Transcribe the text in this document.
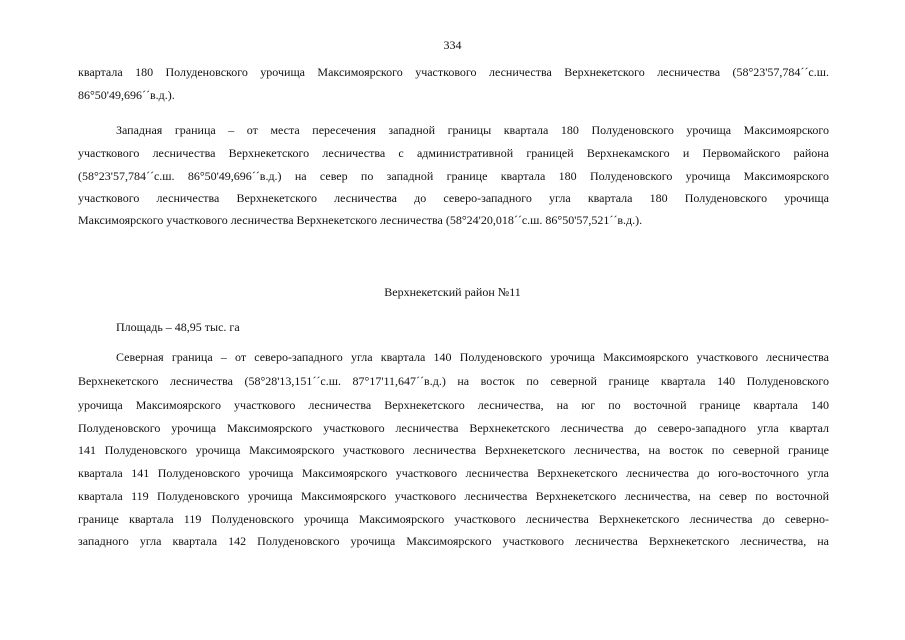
334
квартала 180 Полуденовского урочища Максимоярского участкового лесничества Верхнекетского лесничества (58°23'57,784´´с.ш.
86°50'49,696´´в.д.).
Западная граница – от места пересечения западной границы квартала 180 Полуденовского урочища Максимоярского
участкового лесничества Верхнекетского лесничества с административной границей Верхнекамского и Первомайского района
(58°23'57,784´´с.ш. 86°50'49,696´´в.д.) на север по западной границе квартала 180 Полуденовского урочища Максимоярского
участкового лесничества Верхнекетского лесничества до северо-западного угла квартала 180 Полуденовского урочища
Максимоярского участкового лесничества Верхнекетского лесничества (58°24'20,018´´с.ш. 86°50'57,521´´в.д.).
Верхнекетский район №11
Площадь – 48,95 тыс. га
Северная граница – от северо-западного угла квартала 140 Полуденовского урочища Максимоярского участкового лесничества
Верхнекетского лесничества (58°28'13,151´´с.ш. 87°17'11,647´´в.д.) на восток по северной границе квартала 140 Полуденовского
урочища Максимоярского участкового лесничества Верхнекетского лесничества, на юг по восточной границе квартала 140
Полуденовского урочища Максимоярского участкового лесничества Верхнекетского лесничества до северо-западного угла квартал
141 Полуденовского урочища Максимоярского участкового лесничества Верхнекетского лесничества, на восток по северной границе
квартала 141 Полуденовского урочища Максимоярского участкового лесничества Верхнекетского лесничества до юго-восточного угла
квартала 119 Полуденовского урочища Максимоярского участкового лесничества Верхнекетского лесничества, на север по восточной
границе квартала 119 Полуденовского урочища Максимоярского участкового лесничества Верхнекетского лесничества до северно-
западного угла квартала 142 Полуденовского урочища Максимоярского участкового лесничества Верхнекетского лесничества, на
